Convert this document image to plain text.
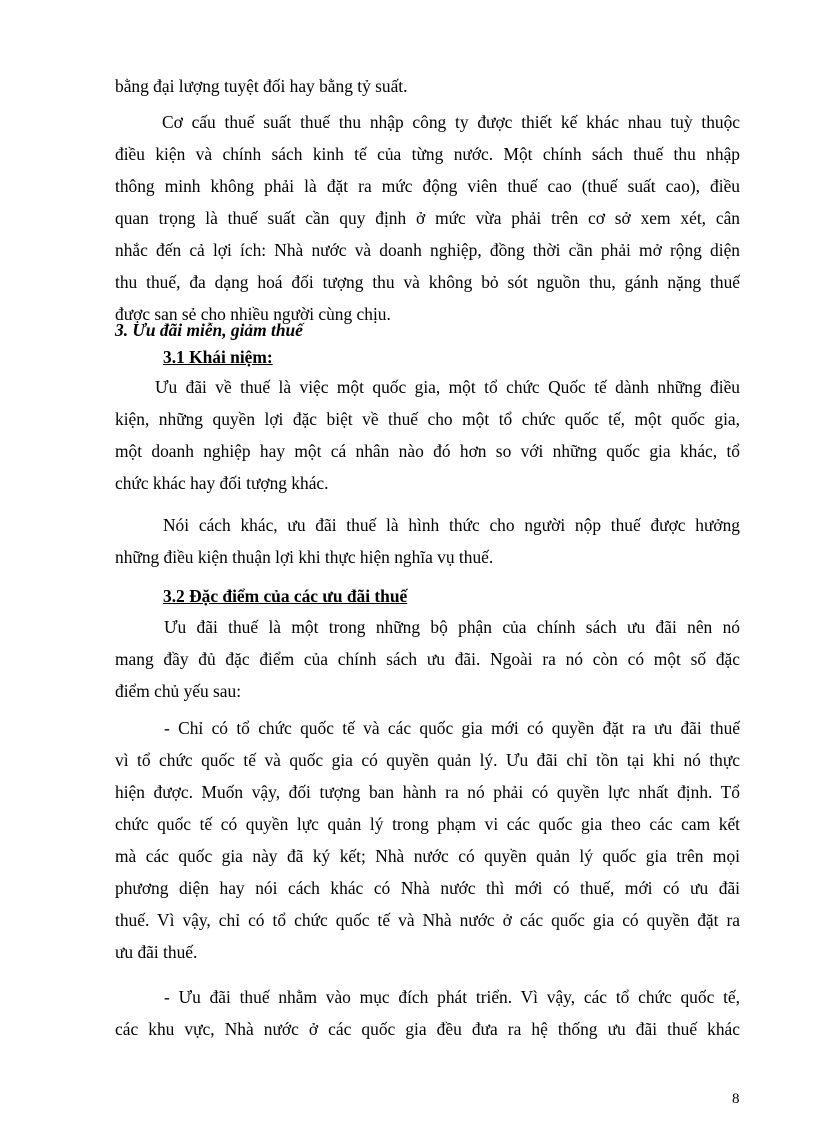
bằng đại lượng tuyệt đối hay bằng tỷ suất.

Cơ cấu thuế suất thuế thu nhập công ty được thiết kế khác nhau tuỳ thuộc
điều kiện và chính sách kinh tế của từng nước. Một chính sách thuế thu nhập
thông minh không phải là đặt ra mức động viên thuế cao (thuế suất cao), điều
quan trọng là thuế suất cần quy định ở mức vừa phải trên cơ sở xem xét, cân
nhắc đến cả lợi ích: Nhà nước và doanh nghiệp, đồng thời cần phải mở rộng diện
thu thuế, đa dạng hoá đối tượng thu và không bỏ sót nguồn thu, gánh nặng thuế
được san sẻ cho nhiều người cùng chịu.

3. Ưu đãi miễn, giảm thuế
3.1 Khái niệm:

Ưu đãi về thuế là việc một quốc gia, một tổ chức Quốc tế dành những điều
kiện, những quyền lợi đặc biệt về thuế cho một tổ chức quốc tế, một quốc gia,
một doanh nghiệp hay một cá nhân nào đó hơn so với những quốc gia khác, tổ
chức khác hay đối tượng khác.

Nói cách khác, ưu đãi thuế là hình thức cho người nộp thuế được hưởng
những điều kiện thuận lợi khi thực hiện nghĩa vụ thuế.

3.2 Đặc điểm của các ưu đãi thuế

Ưu đãi thuế là một trong những bộ phận của chính sách ưu đãi nên nó
mang đầy đủ đặc điểm của chính sách ưu đãi. Ngoài ra nó còn có một số đặc
điểm chủ yếu sau:

- Chỉ có tổ chức quốc tế và các quốc gia mới có quyền đặt ra ưu đãi thuế
vì tổ chức quốc tế và quốc gia có quyền quản lý. Ưu đãi chỉ tồn tại khi nó thực
hiện được. Muốn vậy, đối tượng ban hành ra nó phải có quyền lực nhất định. Tổ
chức quốc tế có quyền lực quản lý trong phạm vi các quốc gia theo các cam kết
mà các quốc gia này đã ký kết; Nhà nước có quyền quản lý quốc gia trên mọi
phương diện hay nói cách khác có Nhà nước thì mới có thuế, mới có ưu đãi
thuế. Vì vậy, chỉ có tổ chức quốc tế và Nhà nước ở các quốc gia có quyền đặt ra
ưu đãi thuế.

- Ưu đãi thuế nhằm vào mục đích phát triển. Vì vậy, các tổ chức quốc tế,
các khu vực, Nhà nước ở các quốc gia đều đưa ra hệ thống ưu đãi thuế khác

8
